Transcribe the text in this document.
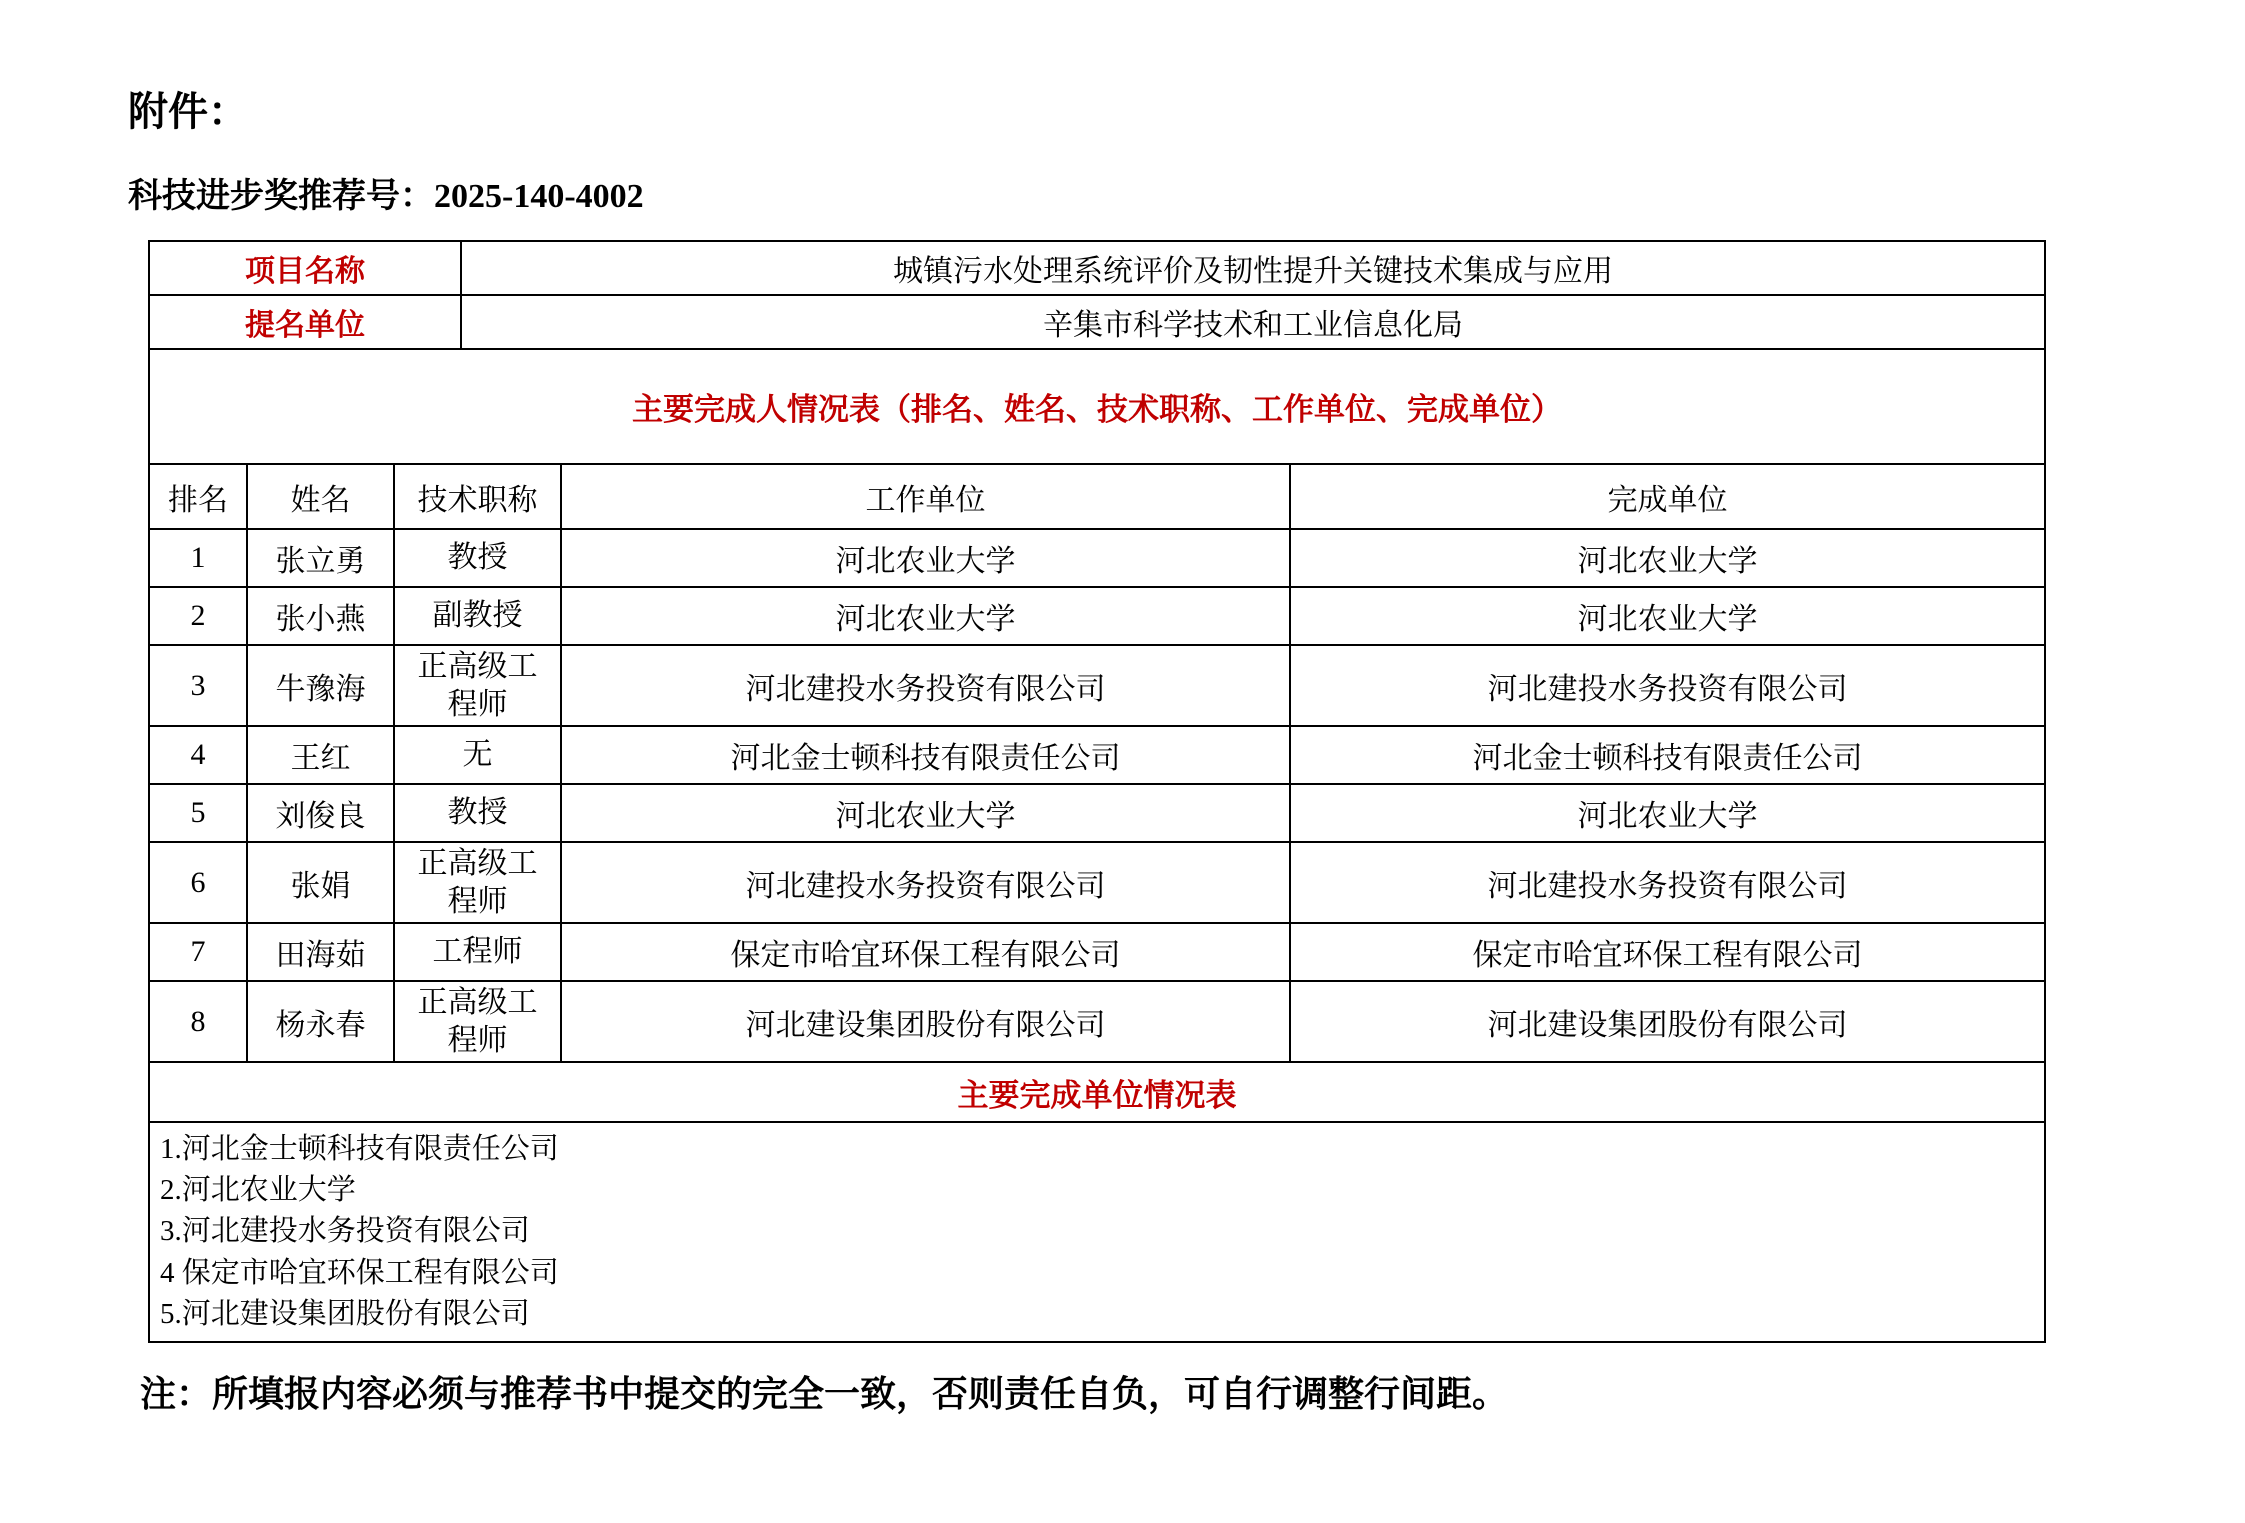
附件：
科技进步奖推荐号：2025-140-4002
项目名称	城镇污水处理系统评价及韧性提升关键技术集成与应用
提名单位	辛集市科学技术和工业信息化局
主要完成人情况表（排名、姓名、技术职称、工作单位、完成单位）				
排名	姓名	技术职称	工作单位	完成单位
1	张立勇	教授	河北农业大学	河北农业大学
2	张小燕	副教授	河北农业大学	河北农业大学
3	牛豫海	正高级工程师	河北建投水务投资有限公司	河北建投水务投资有限公司
4	王红	无	河北金士顿科技有限责任公司	河北金士顿科技有限责任公司
5	刘俊良	教授	河北农业大学	河北农业大学
6	张娟	正高级工程师	河北建投水务投资有限公司	河北建投水务投资有限公司
7	田海茹	工程师	保定市哈宜环保工程有限公司	保定市哈宜环保工程有限公司
8	杨永春	正高级工程师	河北建设集团股份有限公司	河北建设集团股份有限公司
主要完成单位情况表				

1.河北金士顿科技有限责任公司
2.河北农业大学
3.河北建投水务投资有限公司
4 保定市哈宜环保工程有限公司
5.河北建设集团股份有限公司				
注：所填报内容必须与推荐书中提交的完全一致，否则责任自负，可自行调整行间距。
